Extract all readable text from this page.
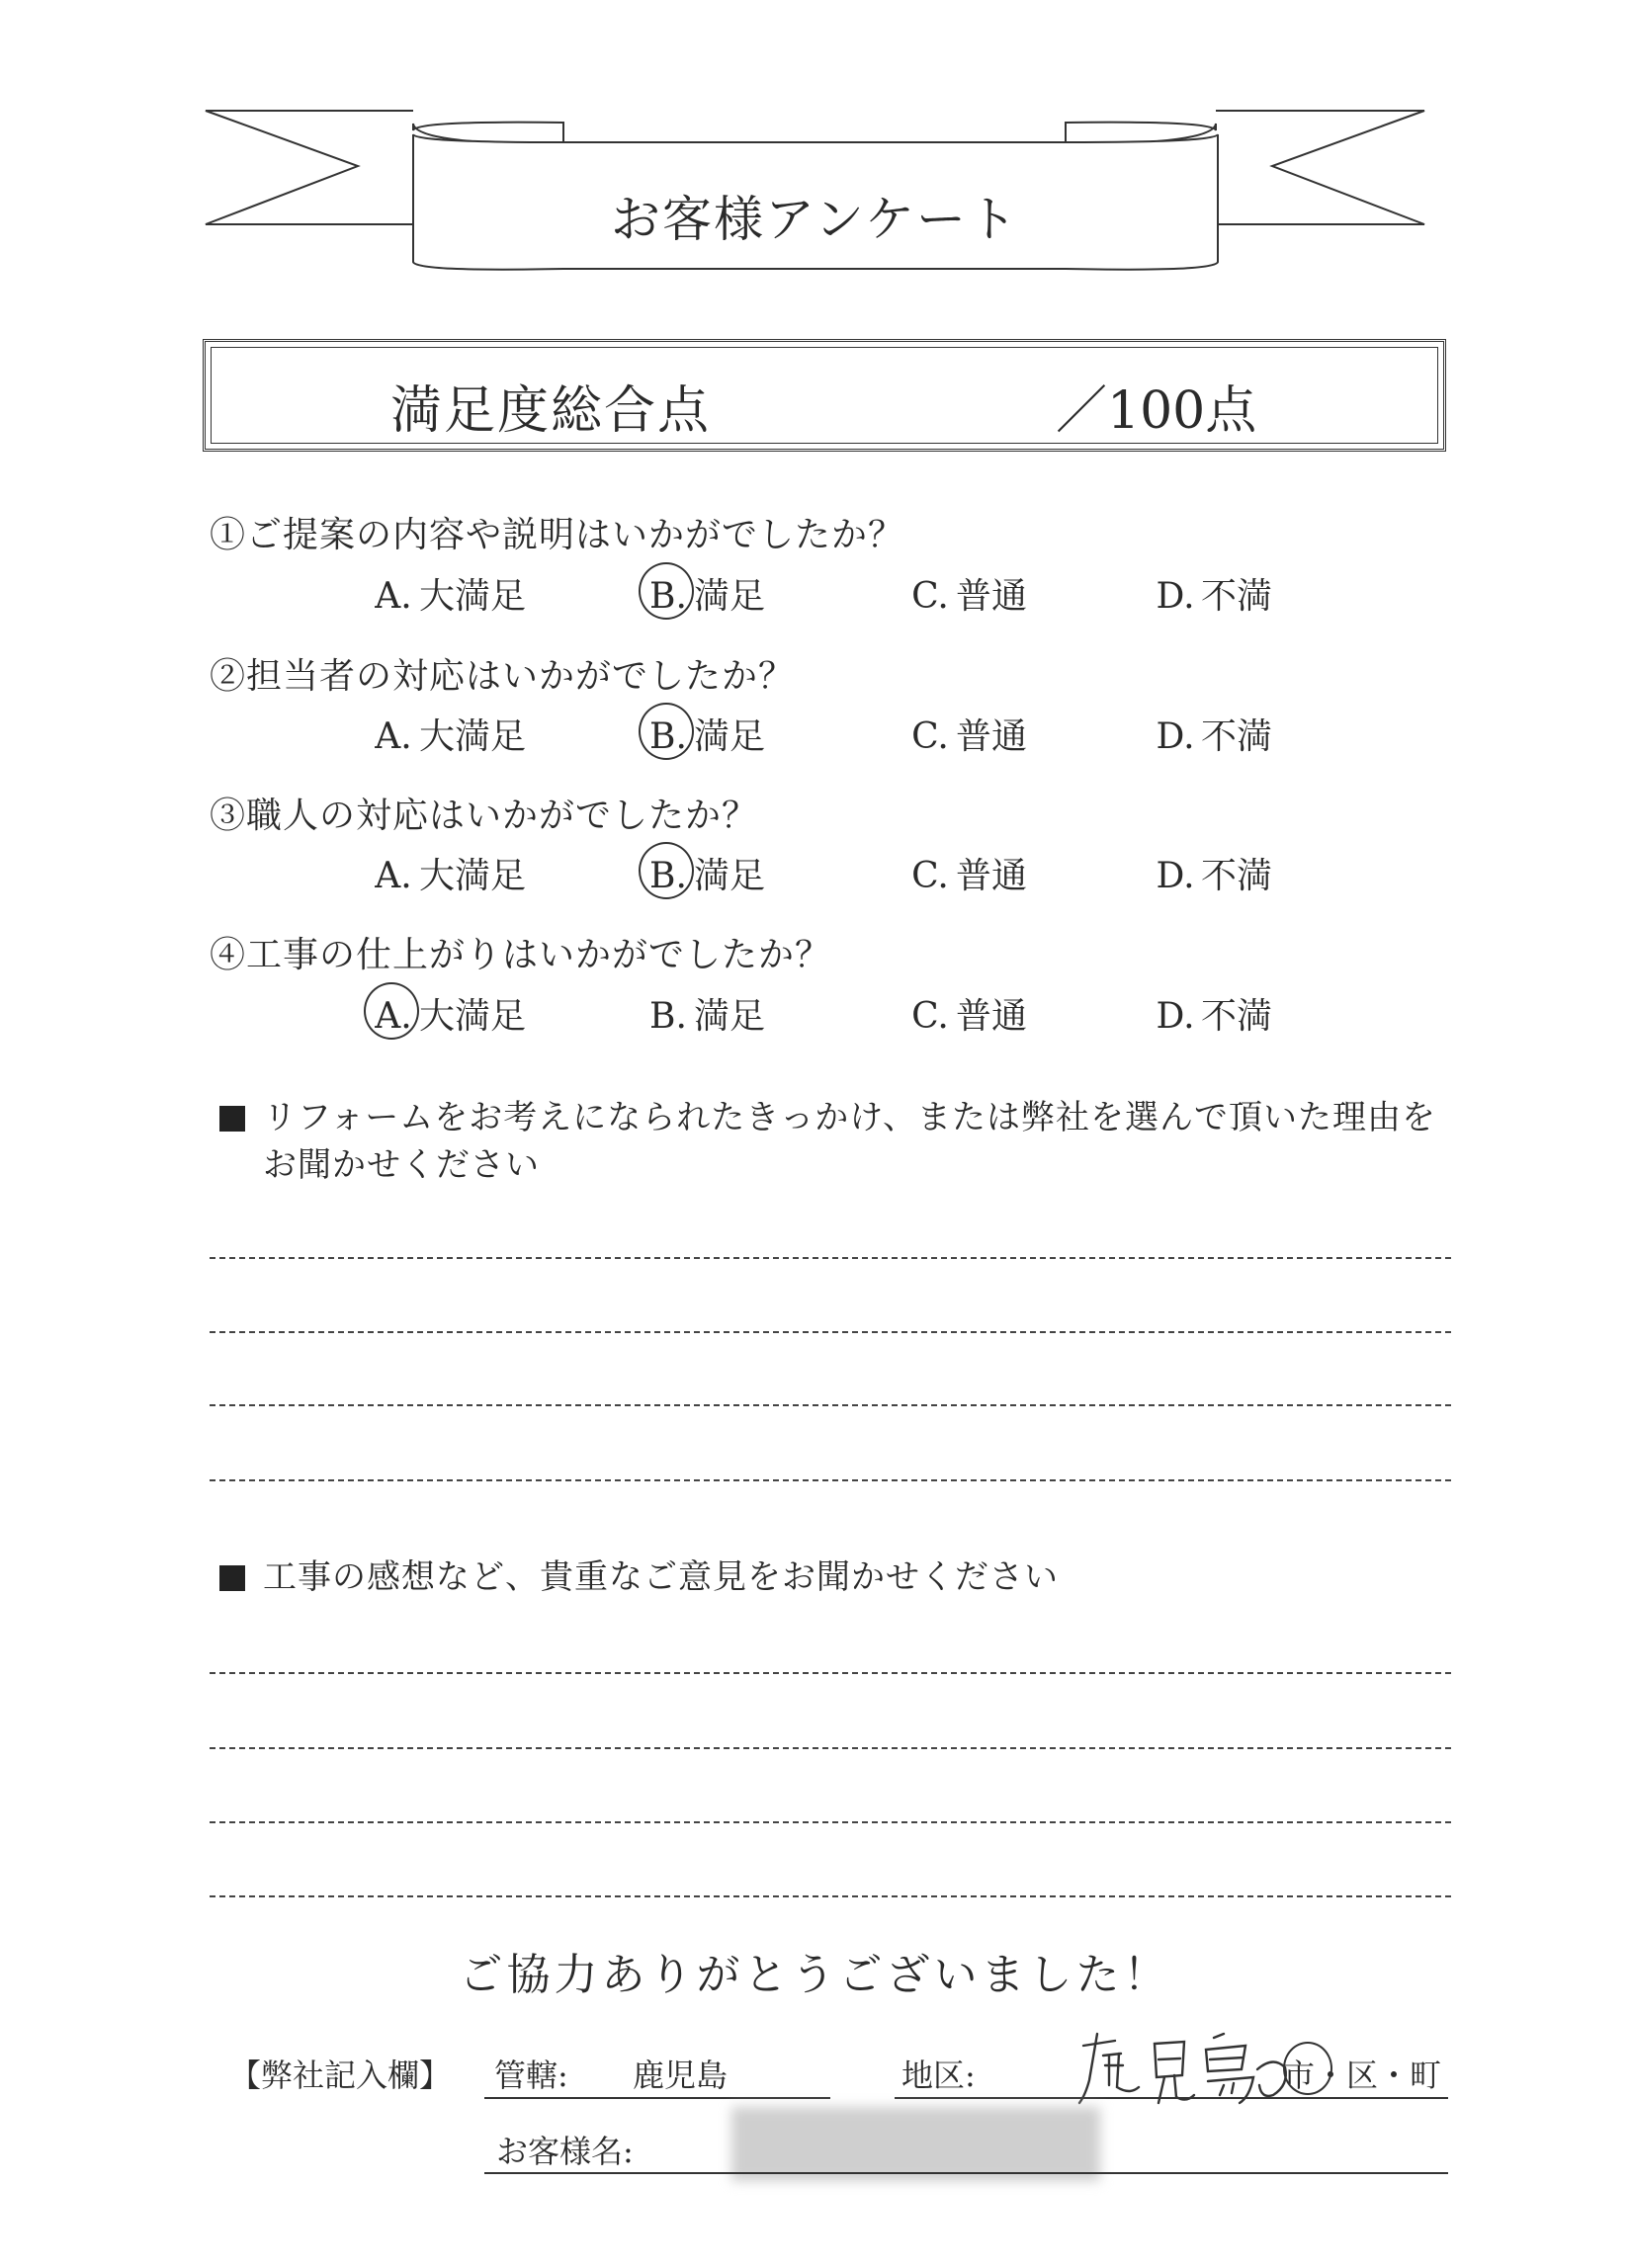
お客様アンケート
満足度総合点	／100点
①ご提案の内容や説明はいかがでしたか？
②担当者の対応はいかがでしたか？
③職人の対応はいかがでしたか？
④工事の仕上がりはいかがでしたか？
A. 大満足	B. 満足	C. 普通	D. 不満
A. 大満足	B. 満足	C. 普通	D. 不満
A. 大満足	B. 満足	C. 普通	D. 不満
A. 大満足	B. 満足	C. 普通	D. 不満
リフォームをお考えになられたきっかけ、または弊社を選んで頂いた理由を
お聞かせください
工事の感想など、貴重なご意見をお聞かせください
ご協力ありがとうございました！
【弊社記入欄】 管轄: 鹿児島	地区:	市・区・町
お客様名:
